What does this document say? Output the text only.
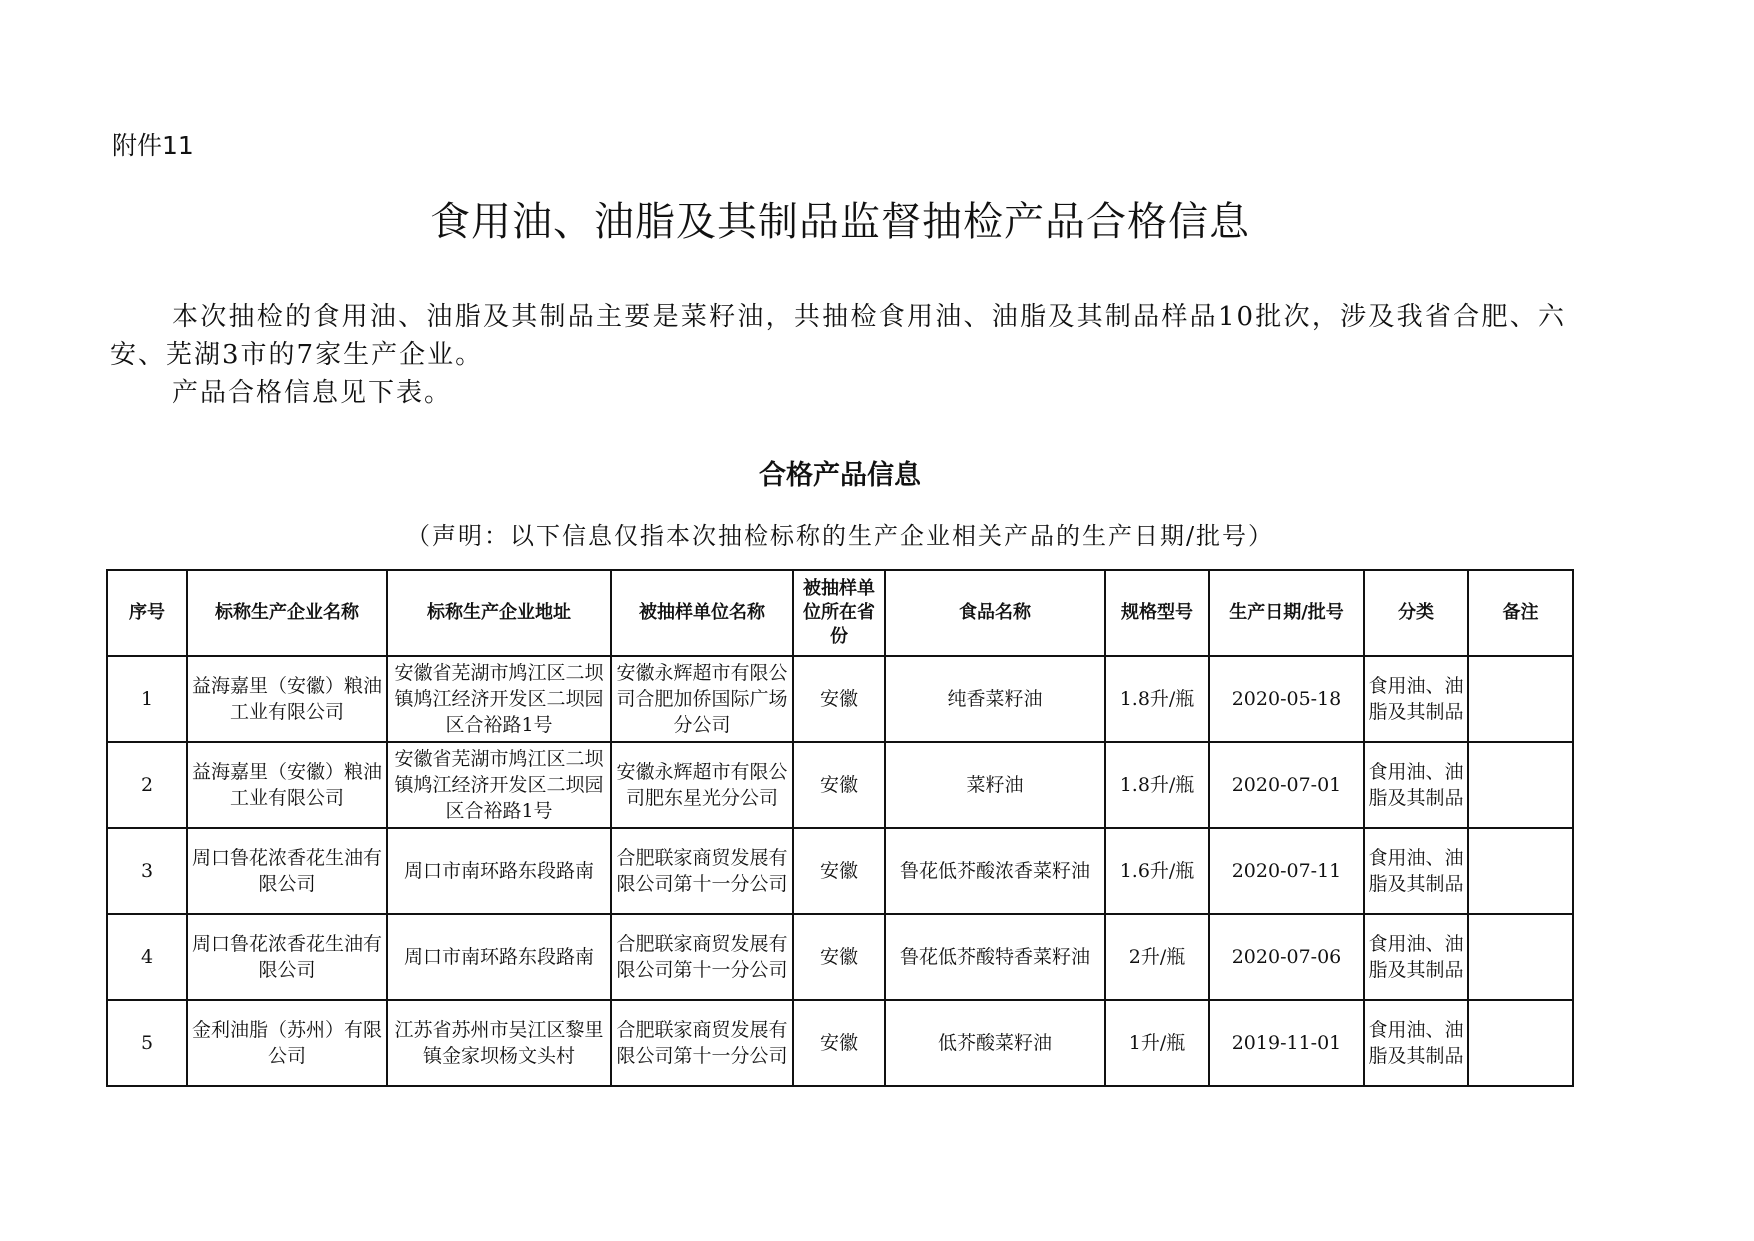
附件11
食用油、油脂及其制品监督抽检产品合格信息

本次抽检的食用油、油脂及其制品主要是菜籽油，共抽检食用油、油脂及其制品样品10批次，涉及我省合肥、六安、芜湖3市的7家生产企业。

产品合格信息见下表。

合格产品信息
（声明：以下信息仅指本次抽检标称的生产企业相关产品的生产日期/批号）
序号	标称生产企业名称	标称生产企业地址	被抽样单位名称	被抽样单位所在省份	食品名称	规格型号	生产日期/批号	分类	备注
1	益海嘉里（安徽）粮油工业有限公司	安徽省芜湖市鸠江区二坝镇鸠江经济开发区二坝园区合裕路1号	安徽永辉超市有限公司合肥加侨国际广场分公司	安徽	纯香菜籽油	1.8升/瓶	2020-05-18	食用油、油脂及其制品	
2	益海嘉里（安徽）粮油工业有限公司	安徽省芜湖市鸠江区二坝镇鸠江经济开发区二坝园区合裕路1号	安徽永辉超市有限公司肥东星光分公司	安徽	菜籽油	1.8升/瓶	2020-07-01	食用油、油脂及其制品	
3	周口鲁花浓香花生油有限公司	周口市南环路东段路南	合肥联家商贸发展有限公司第十一分公司	安徽	鲁花低芥酸浓香菜籽油	1.6升/瓶	2020-07-11	食用油、油脂及其制品	
4	周口鲁花浓香花生油有限公司	周口市南环路东段路南	合肥联家商贸发展有限公司第十一分公司	安徽	鲁花低芥酸特香菜籽油	2升/瓶	2020-07-06	食用油、油脂及其制品	
5	金利油脂（苏州）有限公司	江苏省苏州市吴江区黎里镇金家坝杨文头村	合肥联家商贸发展有限公司第十一分公司	安徽	低芥酸菜籽油	1升/瓶	2019-11-01	食用油、油脂及其制品	
